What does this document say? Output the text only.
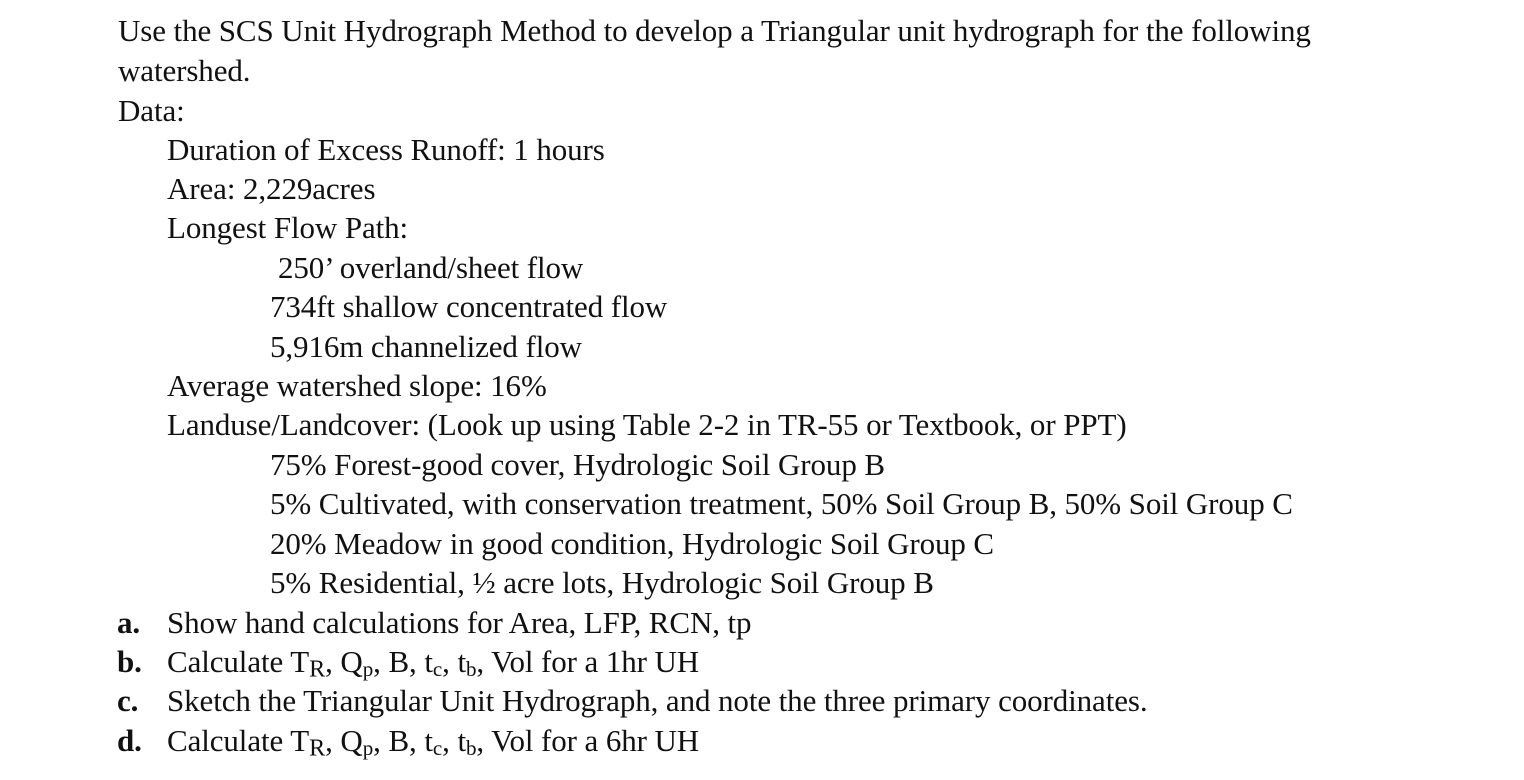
Use the SCS Unit Hydrograph Method to develop a Triangular unit hydrograph for the following
watershed.
Data:
Duration of Excess Runoff: 1 hours
Area: 2,229acres
Longest Flow Path:
250’ overland/sheet flow
734ft shallow concentrated flow
5,916m channelized flow
Average watershed slope: 16%
Landuse/Landcover: (Look up using Table 2-2 in TR-55 or Textbook, or PPT)
75% Forest-good cover, Hydrologic Soil Group B
5% Cultivated, with conservation treatment, 50% Soil Group B, 50% Soil Group C
20% Meadow in good condition, Hydrologic Soil Group C
5% Residential, ½ acre lots, Hydrologic Soil Group B
a. Show hand calculations for Area, LFP, RCN, tp
b. Calculate $T_R$, $Q_p$, B, $t_c$, $t_b$, Vol for a 1hr UH
c. Sketch the Triangular Unit Hydrograph, and note the three primary coordinates.
d. Calculate $T_R$, $Q_p$, B, $t_c$, $t_b$, Vol for a 6hr UH
